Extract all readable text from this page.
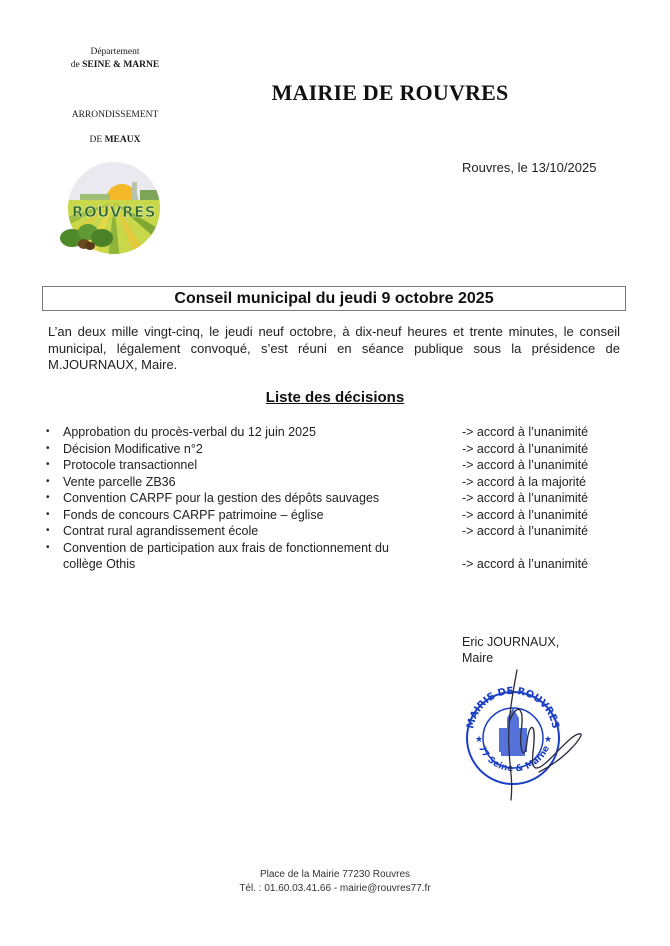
Département
de SEINE & MARNE
ARRONDISSEMENT
DE MEAUX
ROUVRES
MAIRIE DE ROUVRES
Rouvres, le 13/10/2025
Conseil municipal du jeudi 9 octobre 2025
L’an deux mille vingt-cinq, le jeudi neuf octobre, à dix-neuf heures et trente minutes, le conseil municipal, légalement convoqué, s’est réuni en séance publique sous la présidence de M.JOURNAUX, Maire.
Liste des décisions
•	Approbation du procès-verbal du 12 juin 2025	-> accord à l’unanimité
•	Décision Modificative n°2	-> accord à l’unanimité
•	Protocole transactionnel	-> accord à l’unanimité
•	Vente parcelle ZB36	-> accord à la majorité
•	Convention CARPF pour la gestion des dépôts sauvages	-> accord à l’unanimité
•	Fonds de concours CARPF patrimoine – église	-> accord à l’unanimité
•	Contrat rural agrandissement école	-> accord à l’unanimité
•	Convention de participation aux frais de fonctionnement du collège Othis	-> accord à l’unanimité
Eric JOURNAUX,
Maire
MAIRIE DE ROUVRES
77 Seine & Marne
★	★
Place de la Mairie 77230 Rouvres
Tél. : 01.60.03.41.66 - mairie@rouvres77.fr
